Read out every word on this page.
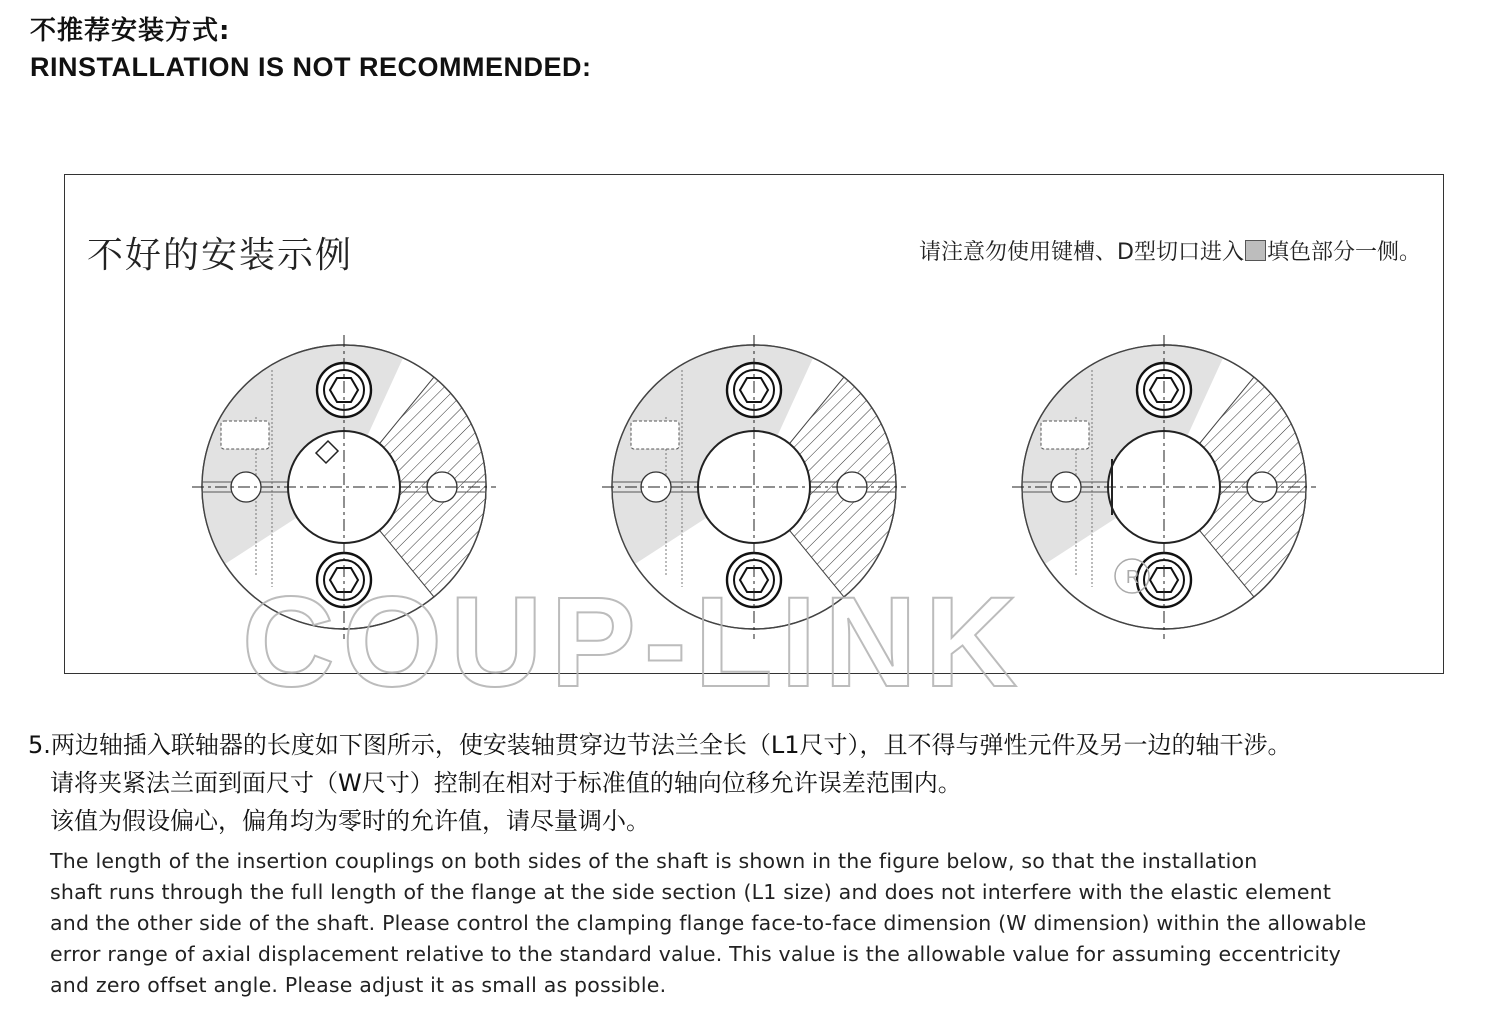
不推荐安装方式:
RINSTALLATION IS NOT RECOMMENDED:
不好的安装示例	请注意勿使用键槽、D型切口进入 填色部分一侧。
R
COUP-LINK
5.两边轴插入联轴器的长度如下图所示，使安装轴贯穿边节法兰全长（L1尺寸），且不得与弹性元件及另一边的轴干涉。
请将夹紧法兰面到面尺寸（W尺寸）控制在相对于标准值的轴向位移允许误差范围内。
该值为假设偏心，偏角均为零时的允许值，请尽量调小。
The length of the insertion couplings on both sides of the shaft is shown in the figure below, so that the installation
shaft runs through the full length of the flange at the side section (L1 size) and does not interfere with the elastic element
and the other side of the shaft. Please control the clamping flange face-to-face dimension (W dimension) within the allowable
error range of axial displacement relative to the standard value. This value is the allowable value for assuming eccentricity
and zero offset angle. Please adjust it as small as possible.
